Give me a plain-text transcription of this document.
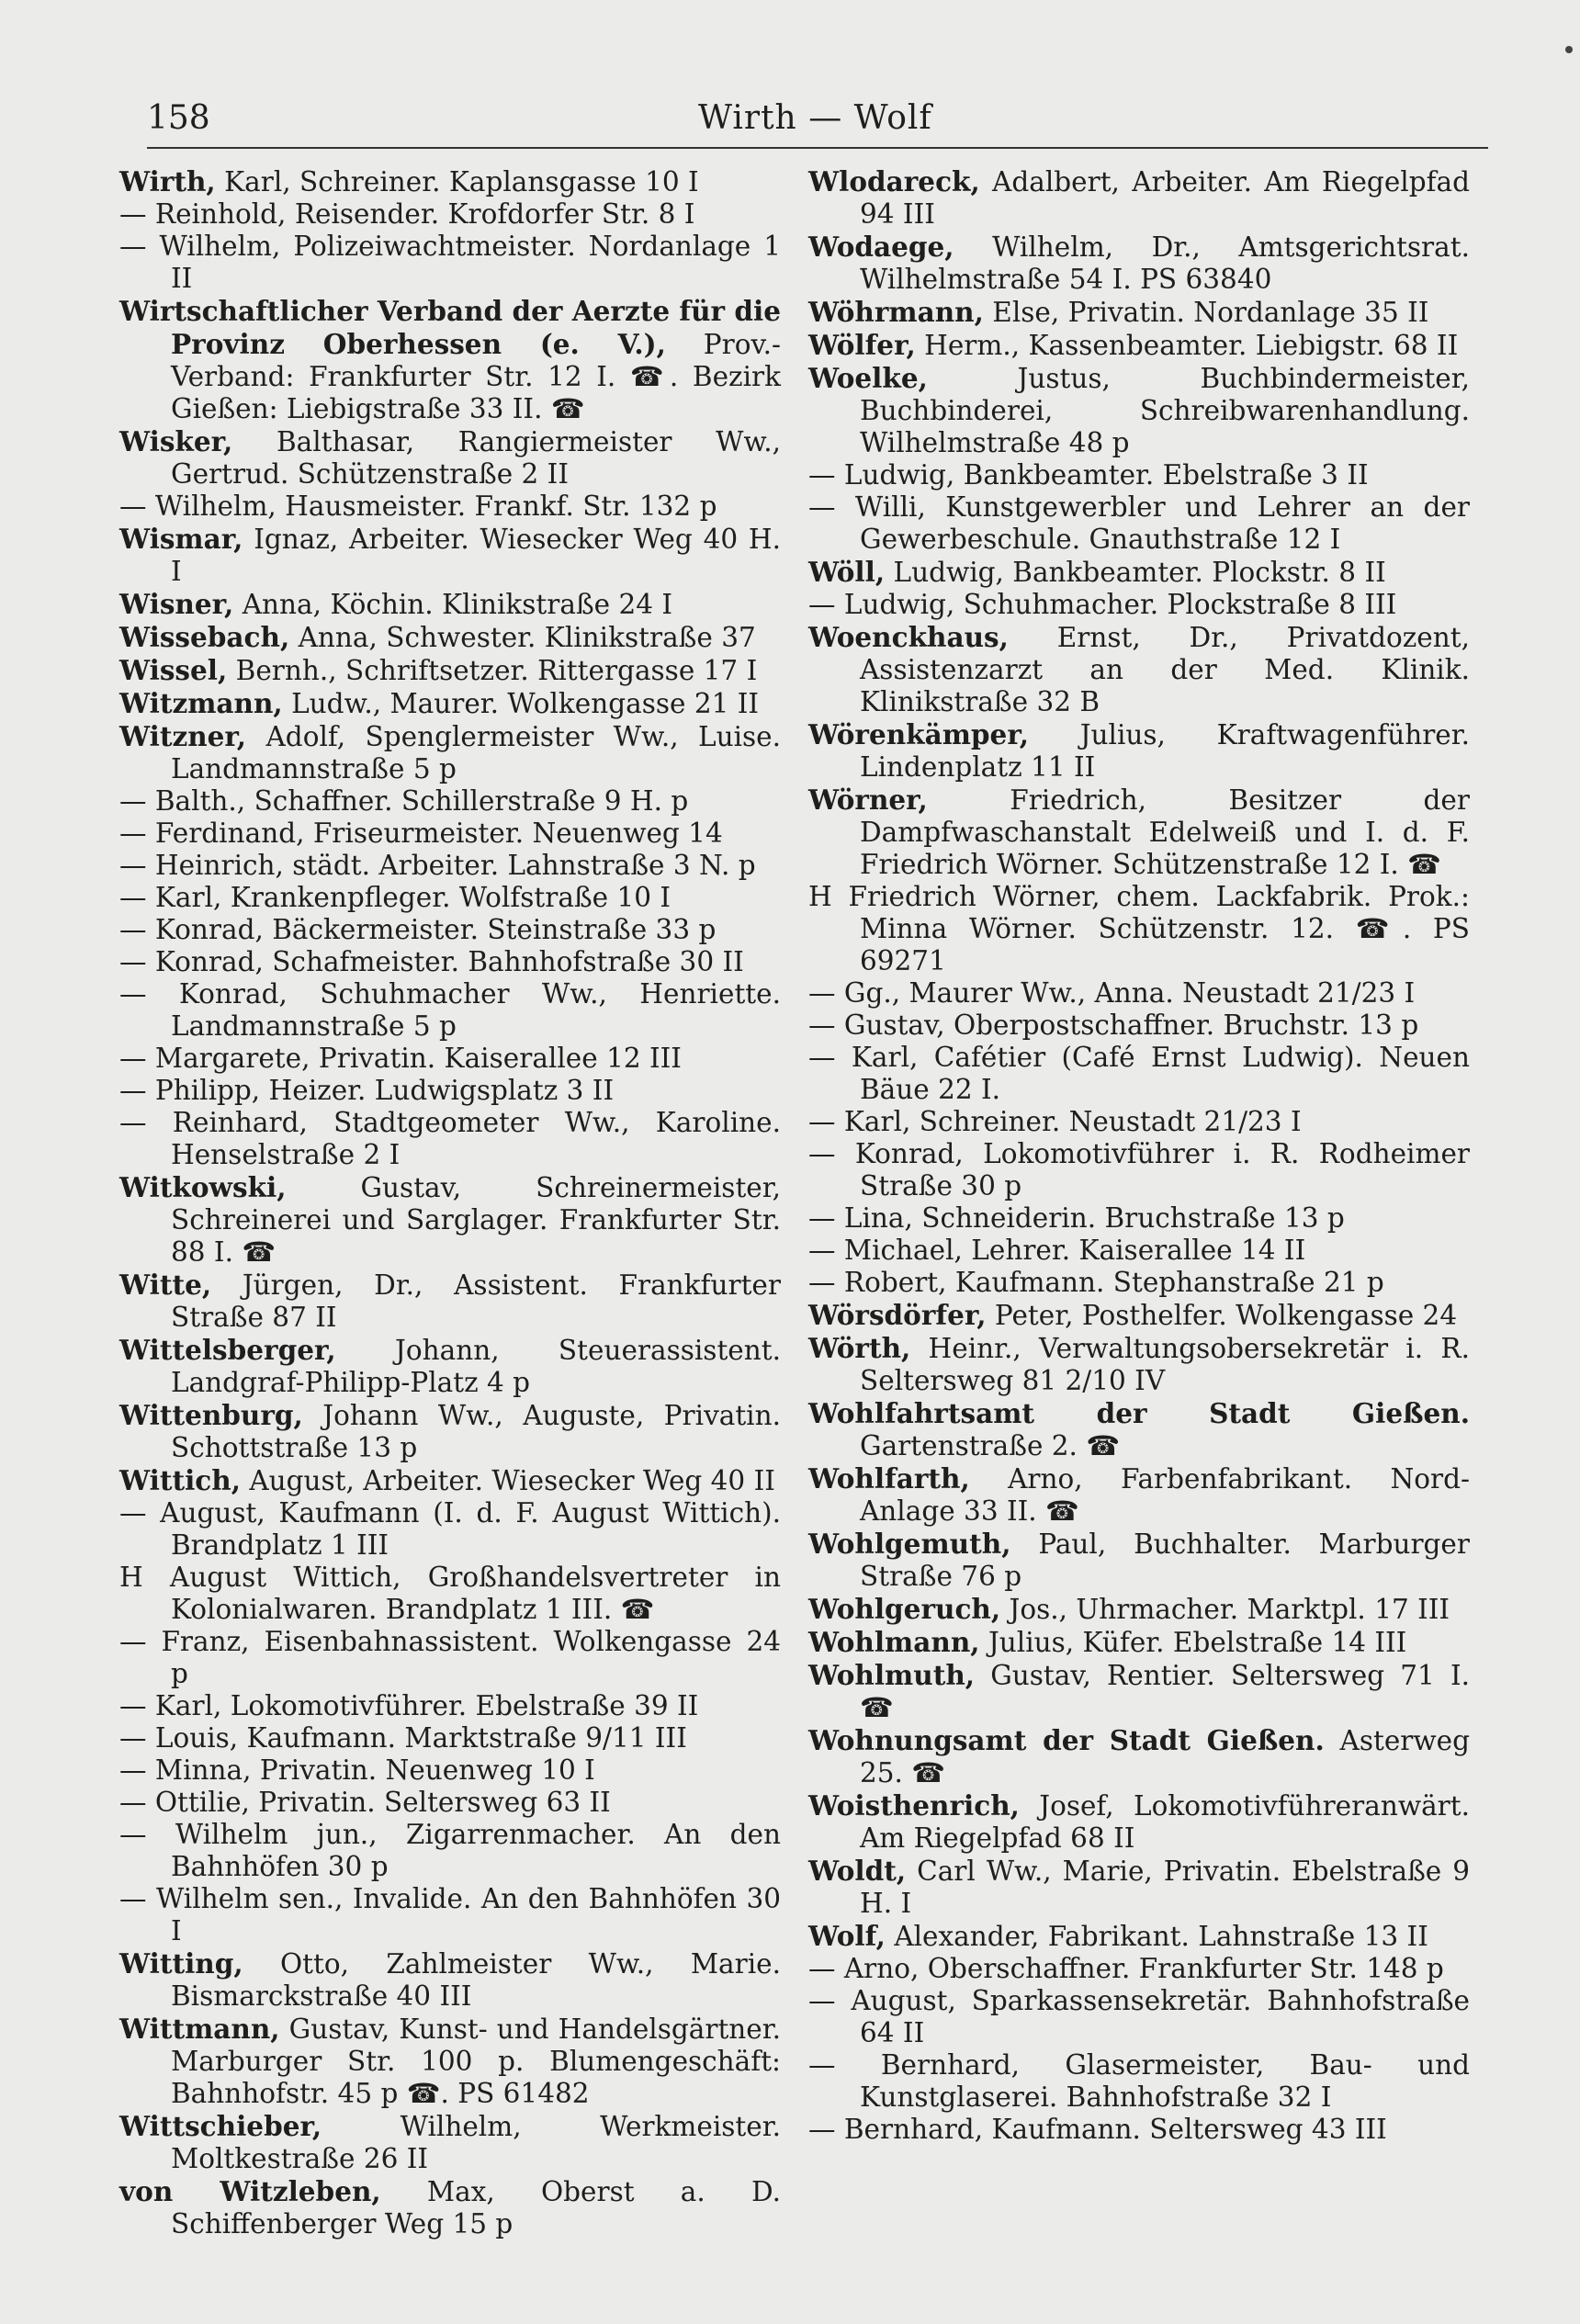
158	Wirth — Wolf
Wirth, Karl, Schreiner. Kaplansgasse 10 I
— Reinhold, Reisender. Krofdorfer Str. 8 I
— Wilhelm, Polizeiwachtmeister. Nordanlage 1 II
Wirtschaftlicher Verband der Aerzte für die Provinz Oberhessen (e. V.), Prov.-Verband: Frankfurter Str. 12 I. ☎. Bezirk Gießen: Liebigstraße 33 II. ☎
Wisker, Balthasar, Rangiermeister Ww., Gertrud. Schützenstraße 2 II
— Wilhelm, Hausmeister. Frankf. Str. 132 p
Wismar, Ignaz, Arbeiter. Wiesecker Weg 40 H. I
Wisner, Anna, Köchin. Klinikstraße 24 I
Wissebach, Anna, Schwester. Klinikstraße 37
Wissel, Bernh., Schriftsetzer. Rittergasse 17 I
Witzmann, Ludw., Maurer. Wolkengasse 21 II
Witzner, Adolf, Spenglermeister Ww., Luise. Landmannstraße 5 p
— Balth., Schaffner. Schillerstraße 9 H. p
— Ferdinand, Friseurmeister. Neuenweg 14
— Heinrich, städt. Arbeiter. Lahnstraße 3 N. p
— Karl, Krankenpfleger. Wolfstraße 10 I
— Konrad, Bäckermeister. Steinstraße 33 p
— Konrad, Schafmeister. Bahnhofstraße 30 II
— Konrad, Schuhmacher Ww., Henriette. Landmannstraße 5 p
— Margarete, Privatin. Kaiserallee 12 III
— Philipp, Heizer. Ludwigsplatz 3 II
— Reinhard, Stadtgeometer Ww., Karoline. Henselstraße 2 I
Witkowski,	Gustav, Schreinermeister, Schreinerei und Sarglager. Frankfurter Str. 88 I. ☎
Witte, Jürgen, Dr., Assistent. Frankfurter Straße 87 II
Wittelsberger, Johann, Steuerassistent. Landgraf-Philipp-Platz 4 p
Wittenburg, Johann Ww., Auguste, Privatin. Schottstraße 13 p
Wittich, August, Arbeiter. Wiesecker Weg 40 II
— August, Kaufmann (I. d. F. August Wittich). Brandplatz 1 III
H August Wittich, Großhandelsvertreter in Kolonialwaren. Brandplatz 1 III. ☎
— Franz, Eisenbahnassistent. Wolkengasse 24 p
— Karl, Lokomotivführer. Ebelstraße 39 II
— Louis, Kaufmann. Marktstraße 9/11 III
— Minna, Privatin. Neuenweg 10 I
— Ottilie, Privatin. Seltersweg 63 II
— Wilhelm jun., Zigarrenmacher. An den Bahnhöfen 30 p
— Wilhelm sen., Invalide. An den Bahnhöfen 30 I
Witting, Otto, Zahlmeister Ww., Marie. Bismarckstraße 40 III
Wittmann, Gustav, Kunst- und Handelsgärtner. Marburger Str. 100 p. Blumengeschäft: Bahnhofstr. 45 p ☎. PS 61482
Wittschieber,	Wilhelm, Werkmeister. Moltkestraße 26 II
von Witzleben, Max, Oberst a. D. Schiffenberger Weg 15 p
Wlodareck, Adalbert, Arbeiter. Am Riegelpfad 94 III
Wodaege, Wilhelm, Dr., Amtsgerichtsrat. Wilhelmstraße 54 I. PS 63840
Wöhrmann, Else, Privatin. Nordanlage 35 II
Wölfer, Herm., Kassenbeamter. Liebigstr. 68 II
Woelke,	Justus, Buchbindermeister, Buchbinderei, Schreibwarenhandlung. Wilhelmstraße 48 p
— Ludwig, Bankbeamter. Ebelstraße 3 II
— Willi, Kunstgewerbler und Lehrer an der Gewerbeschule. Gnauthstraße 12 I
Wöll, Ludwig, Bankbeamter. Plockstr. 8 II
— Ludwig, Schuhmacher. Plockstraße 8 III
Woenckhaus, Ernst, Dr., Privatdozent, Assistenzarzt an der Med. Klinik. Klinikstraße 32 B
Wörenkämper, Julius, Kraftwagenführer. Lindenplatz 11 II
Wörner,	Friedrich, Besitzer der Dampfwaschanstalt Edelweiß und I. d. F. Friedrich Wörner. Schützenstraße 12 I. ☎
H Friedrich Wörner, chem. Lackfabrik. Prok.: Minna Wörner. Schützenstr. 12. ☎. PS 69271
— Gg., Maurer Ww., Anna. Neustadt 21/23 I
— Gustav, Oberpostschaffner. Bruchstr. 13 p
— Karl, Cafétier (Café Ernst Ludwig). Neuen Bäue 22 I.
— Karl, Schreiner. Neustadt 21/23 I
— Konrad, Lokomotivführer i. R. Rodheimer Straße 30 p
— Lina, Schneiderin. Bruchstraße 13 p
— Michael, Lehrer. Kaiserallee 14 II
— Robert, Kaufmann. Stephanstraße 21 p
Wörsdörfer, Peter, Posthelfer. Wolkengasse 24
Wörth, Heinr., Verwaltungsobersekretär i. R. Seltersweg 81 2/10 IV
Wohlfahrtsamt der Stadt Gießen. Gartenstraße 2. ☎
Wohlfarth, Arno, Farbenfabrikant. Nord-Anlage 33 II. ☎
Wohlgemuth, Paul, Buchhalter. Marburger Straße 76 p
Wohlgeruch, Jos., Uhrmacher. Marktpl. 17 III
Wohlmann, Julius, Küfer. Ebelstraße 14 III
Wohlmuth, Gustav, Rentier. Seltersweg 71 I. ☎
Wohnungsamt der Stadt Gießen. Asterweg 25. ☎
Woisthenrich, Josef, Lokomotivführeranwärt. Am Riegelpfad 68 II
Woldt, Carl Ww., Marie, Privatin. Ebelstraße 9 H. I
Wolf, Alexander, Fabrikant. Lahnstraße 13 II
— Arno, Oberschaffner. Frankfurter Str. 148 p
— August, Sparkassensekretär. Bahnhofstraße 64 II
— Bernhard, Glasermeister, Bau- und Kunstglaserei. Bahnhofstraße 32 I
— Bernhard, Kaufmann. Seltersweg 43 III
